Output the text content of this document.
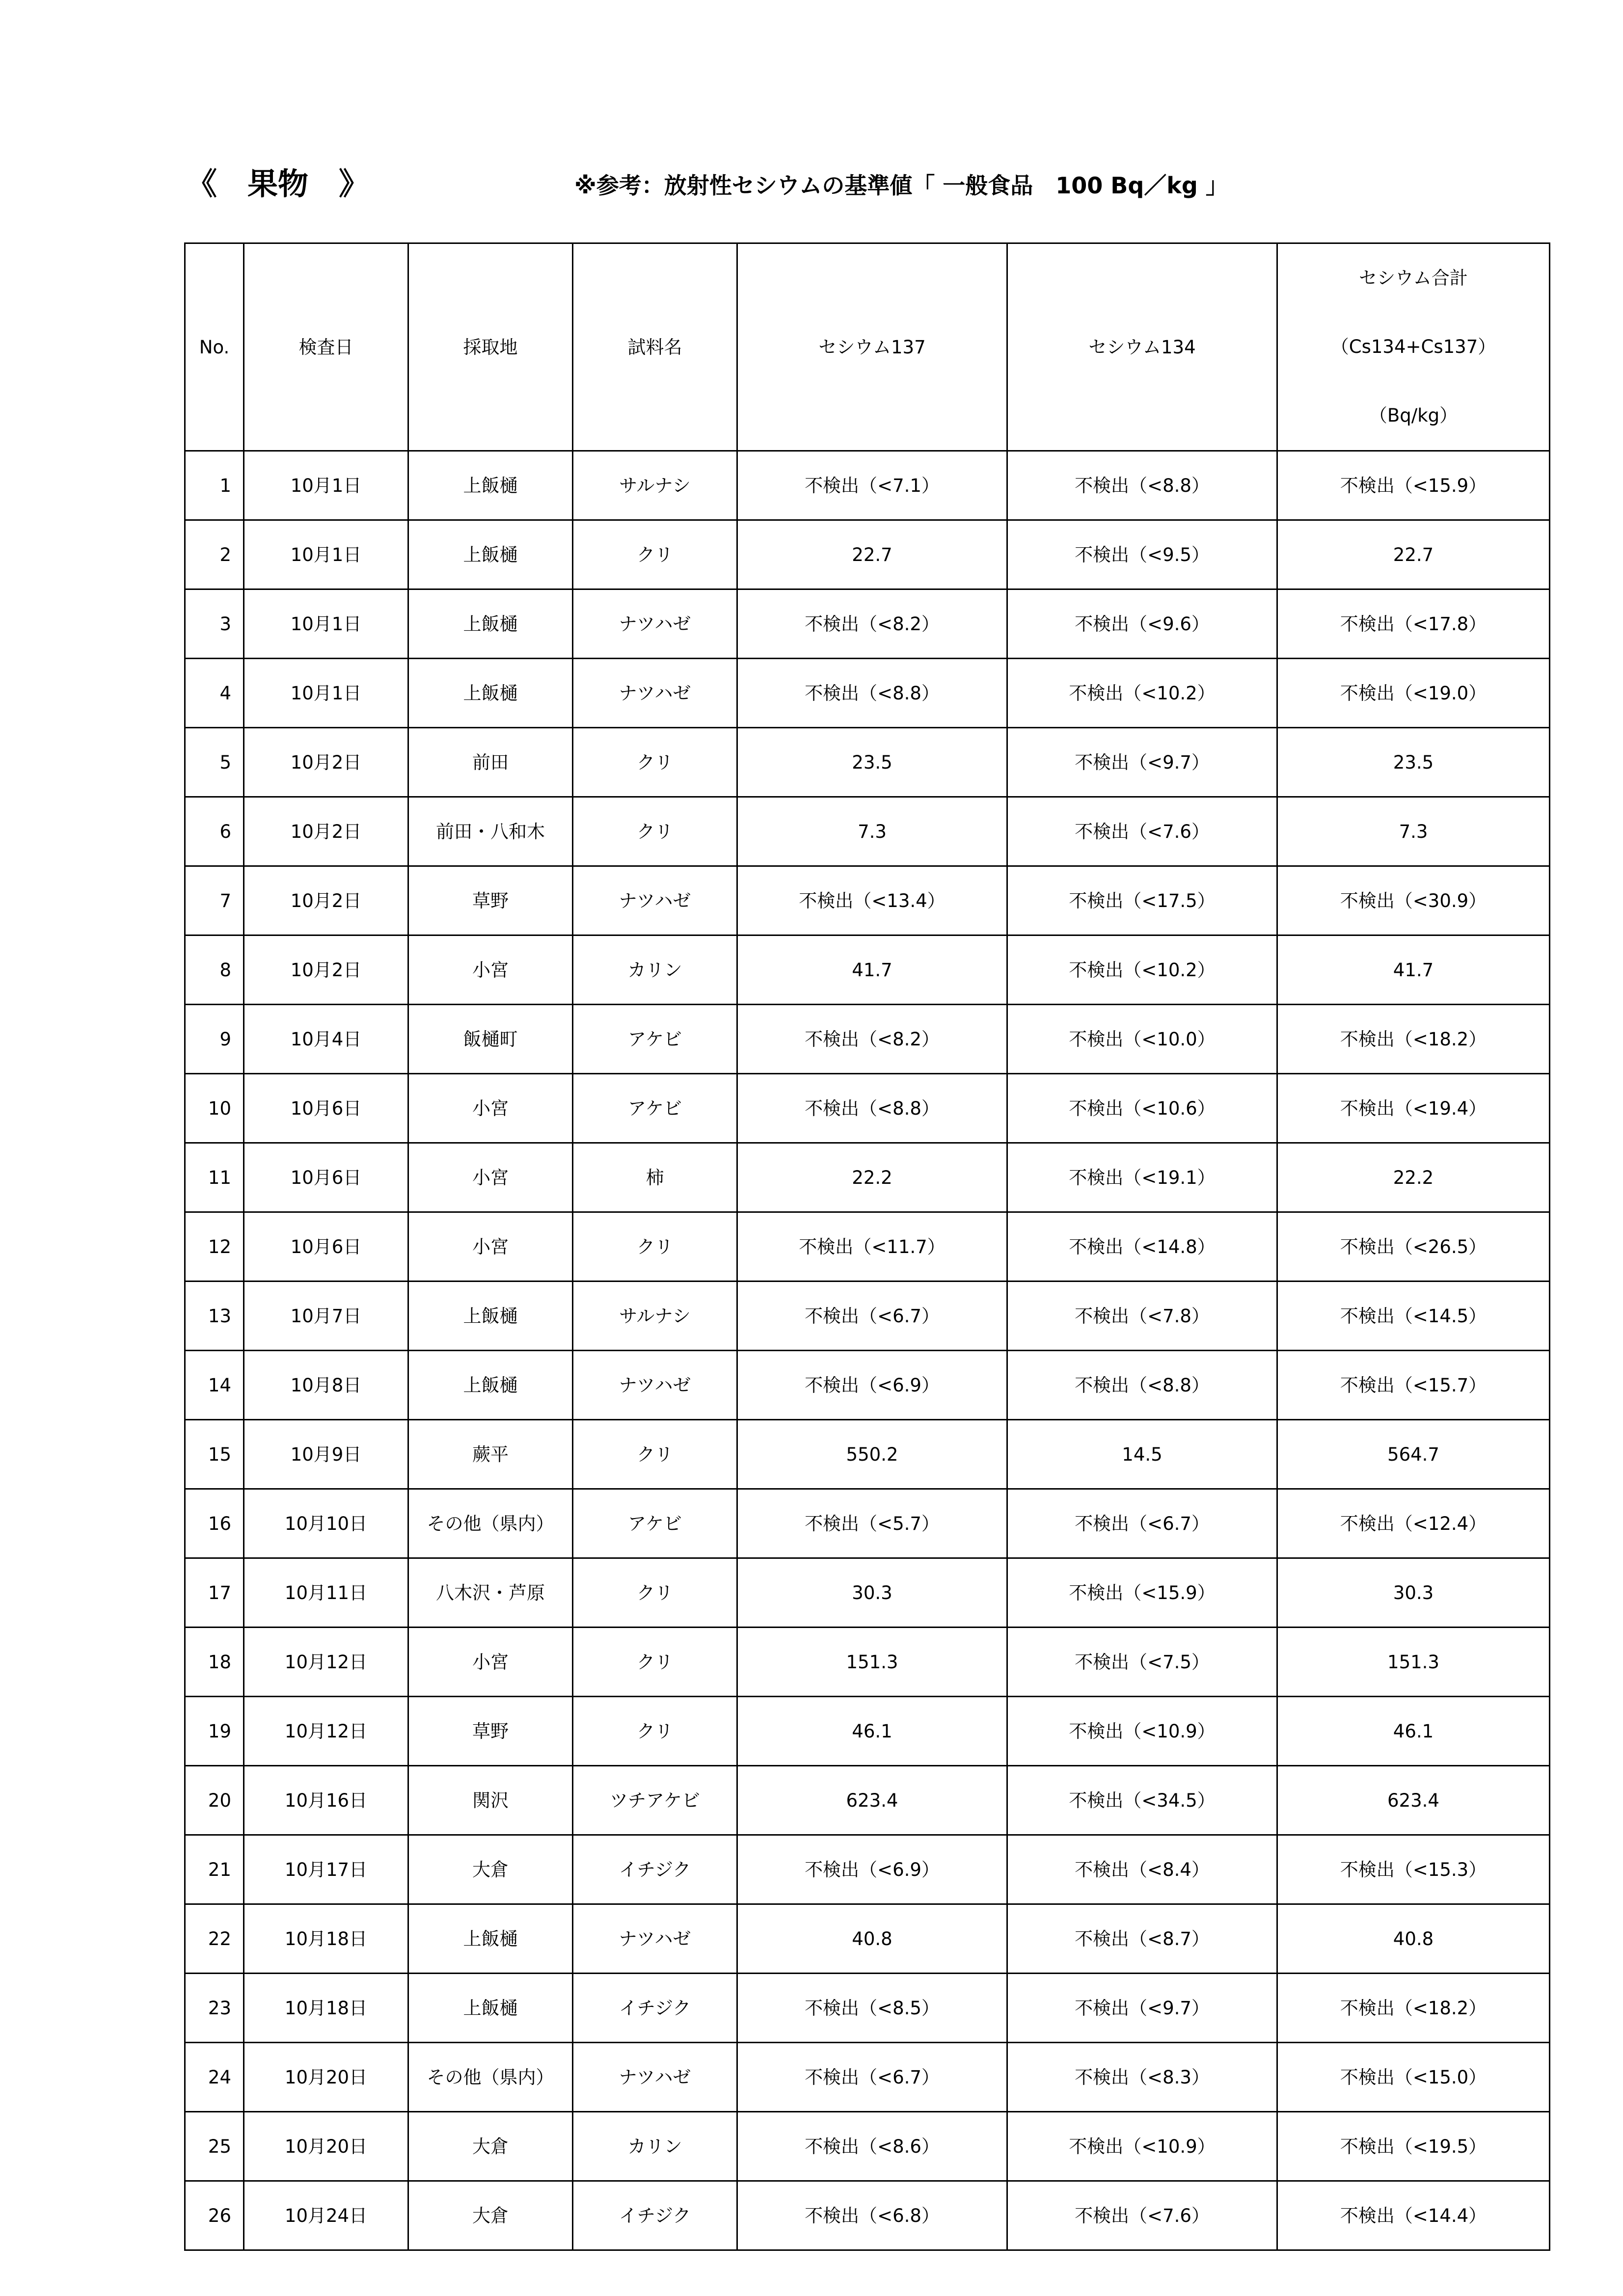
《　果物　》	※参考：放射性セシウムの基準値「 一般食品　100 Bq／kg 」
No.	検査日	採取地	試料名	セシウム137	セシウム134	セシウム合計
（Cs134+Cs137）
（Bq/kg）

1	10月1日	上飯樋	サルナシ	不検出（<7.1）	不検出（<8.8）	不検出（<15.9）
2	10月1日	上飯樋	クリ	22.7	不検出（<9.5）	22.7
3	10月1日	上飯樋	ナツハゼ	不検出（<8.2）	不検出（<9.6）	不検出（<17.8）
4	10月1日	上飯樋	ナツハゼ	不検出（<8.8）	不検出（<10.2）	不検出（<19.0）
5	10月2日	前田	クリ	23.5	不検出（<9.7）	23.5
6	10月2日	前田・八和木	クリ	7.3	不検出（<7.6）	7.3
7	10月2日	草野	ナツハゼ	不検出（<13.4）	不検出（<17.5）	不検出（<30.9）
8	10月2日	小宮	カリン	41.7	不検出（<10.2）	41.7
9	10月4日	飯樋町	アケビ	不検出（<8.2）	不検出（<10.0）	不検出（<18.2）
10	10月6日	小宮	アケビ	不検出（<8.8）	不検出（<10.6）	不検出（<19.4）
11	10月6日	小宮	柿	22.2	不検出（<19.1）	22.2
12	10月6日	小宮	クリ	不検出（<11.7）	不検出（<14.8）	不検出（<26.5）
13	10月7日	上飯樋	サルナシ	不検出（<6.7）	不検出（<7.8）	不検出（<14.5）
14	10月8日	上飯樋	ナツハゼ	不検出（<6.9）	不検出（<8.8）	不検出（<15.7）
15	10月9日	蕨平	クリ	550.2	14.5	564.7
16	10月10日	その他（県内）	アケビ	不検出（<5.7）	不検出（<6.7）	不検出（<12.4）
17	10月11日	八木沢・芦原	クリ	30.3	不検出（<15.9）	30.3
18	10月12日	小宮	クリ	151.3	不検出（<7.5）	151.3
19	10月12日	草野	クリ	46.1	不検出（<10.9）	46.1
20	10月16日	関沢	ツチアケビ	623.4	不検出（<34.5）	623.4
21	10月17日	大倉	イチジク	不検出（<6.9）	不検出（<8.4）	不検出（<15.3）
22	10月18日	上飯樋	ナツハゼ	40.8	不検出（<8.7）	40.8
23	10月18日	上飯樋	イチジク	不検出（<8.5）	不検出（<9.7）	不検出（<18.2）
24	10月20日	その他（県内）	ナツハゼ	不検出（<6.7）	不検出（<8.3）	不検出（<15.0）
25	10月20日	大倉	カリン	不検出（<8.6）	不検出（<10.9）	不検出（<19.5）
26	10月24日	大倉	イチジク	不検出（<6.8）	不検出（<7.6）	不検出（<14.4）
